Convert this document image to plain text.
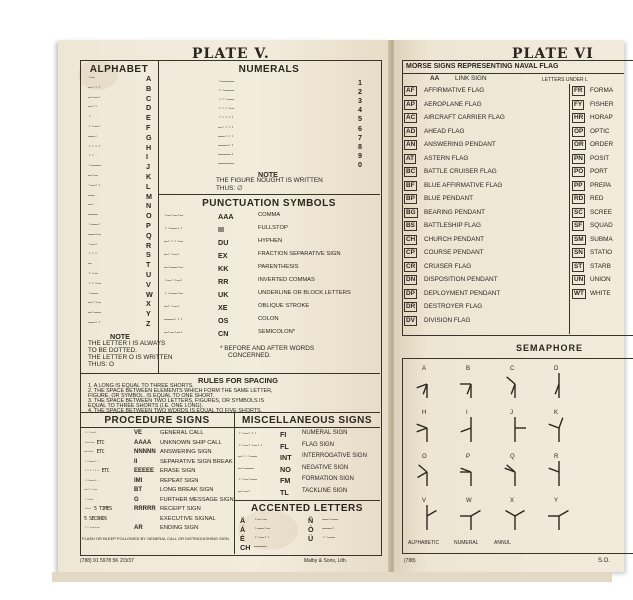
PLATE V.
ALPHABET
·—	A
—···	B
—·—·	C
—··	D
·	E
··—·	F
——·	G
····	H
··	I
·———	J
—·—	K
·—··	L
——	M
—·	N
———	O
·——·	P
——·—	Q
·—·	R
···	S
—	T
··—	U
···—	V
·——	W
—··—	X
—·——	Y
——··	Z
NOTE
THE LETTER I IS ALWAYS
TO BE DOTTED.
THE LETTER O IS WRITTEN
THUS: O
NUMERALS
·————	1
··———	2
···——	3
····—	4
·····	5
—····	6
——···	7
———··	8
————·	9
—————	0
NOTE
THE FIGURE NOUGHT IS WRITTEN
THUS: ∅
PUNCTUATION SYMBOLS
·—·—·—	AAA	COMMA
··——··	III	FULLSTOP
—····—	DU	HYPHEN
—··—·	EX	FRACTION SEPARATIVE SIGN
—·——·—	KK	PARENTHESIS
·—··—·	RR	INVERTED COMMAS
··——·—	UK	UNDERLINE OR BLOCK LETTERS
—··—·	XE	OBLIQUE STROKE
———···	OS	COLON
—·—·—·	CN	SEMICOLON*
* BEFORE AND AFTER WORDS
CONCERNED.
RULES FOR SPACING
1. A LONG IS EQUAL TO THREE SHORTS.
2. THE SPACE BETWEEN ELEMENTS WHICH FORM THE SAME LETTER,
FIGURE, OR SYMBOL, IS EQUAL TO ONE SHORT.
3. THE SPACE BETWEEN TWO LETTERS, FIGURES, OR SYMBOLS IS
EQUAL TO THREE SHORTS (I.E. ONE LONG).
4. THE SPACE BETWEEN TWO WORDS IS EQUAL TO FIVE SHORTS.
PROCEDURE SIGNS
···—·	VE	GENERAL CALL
·—·— ETC	AAAA UNKNOWN SHIP CALL
—·—· ETC	NNNNN ANSWERING SIGN
··——··	II	SEPARATIVE SIGN BREAK
······ ETC	EEEEE ERASE SIGN
··——··	IMI	REPEAT SIGN
—···—	BT	LONG BREAK SIGN
··—·	G	FURTHER MESSAGE SIGN
·—· 5 TIMES	RRRRR RECEIPT SIGN
5 SECONDS	EXECUTIVE SIGNAL
···—·—	AR	ENDING SIGN
FLASH OR BLEEP FOLLOWED BY GENERAL CALL OR DISTINGUISHING SIGN
MISCELLANEOUS SIGNS
··—···	FI	NUMERAL SIGN
··—··—·· FL FLAG SIGN
—···——	INT INTERROGATIVE SIGN
—·———	NO NEGATIVE SIGN
··—·——	FM FORMATION SIGN
—·—·	TL TACKLINE SIGN
ACCENTED LETTERS
Ä ·—·—	Ñ ——·——
Á ·——·—	Ö ———·
É ··—··	Ü ··——
CH ————
(788) 91 5978 5K 2/3/37	Malby & Sons, Lith.
PLATE VI
MORSE SIGNS REPRESENTING NAVAL FLAG
LETTERS UNDER L
AA LINK SIGN
AF	AFFIRMATIVE FLAG
AP	AEROPLANE FLAG
AC	AIRCRAFT CARRIER FLAG
AD	AHEAD FLAG
AN	ANSWERING PENDANT
AT	ASTERN FLAG
BC	BATTLE CRUISER FLAG
BF	BLUE AFFIRMATIVE FLAG
BP	BLUE PENDANT
BG	BEARING PENDANT
BS	BATTLESHIP FLAG
CH	CHURCH PENDANT
CP	COURSE PENDANT
CR	CRUISER FLAG
DN	DISPOSITION PENDANT
DP	DEPLOYMENT PENDANT
DR	DESTROYER FLAG
DV	DIVISION FLAG
FR	FORMA
FY	FISHER
HR	HORAP
OP	OPTIC
OR	ORDER
PN	POSIT
PO	PORT
PP	PREPA
RD	RED
SC	SCREE
SF	SQUAD
SM	SUBMA
SN	STATIO
ST	STARB
UN	UNION
WT WHITE
SEMAPHORE
A	B	C	D
H	I	J	K
O	P	Q	R
V	W	X	Y
ALPHABETIC	NUMERAL	ANNUL
(788)	S.O.
